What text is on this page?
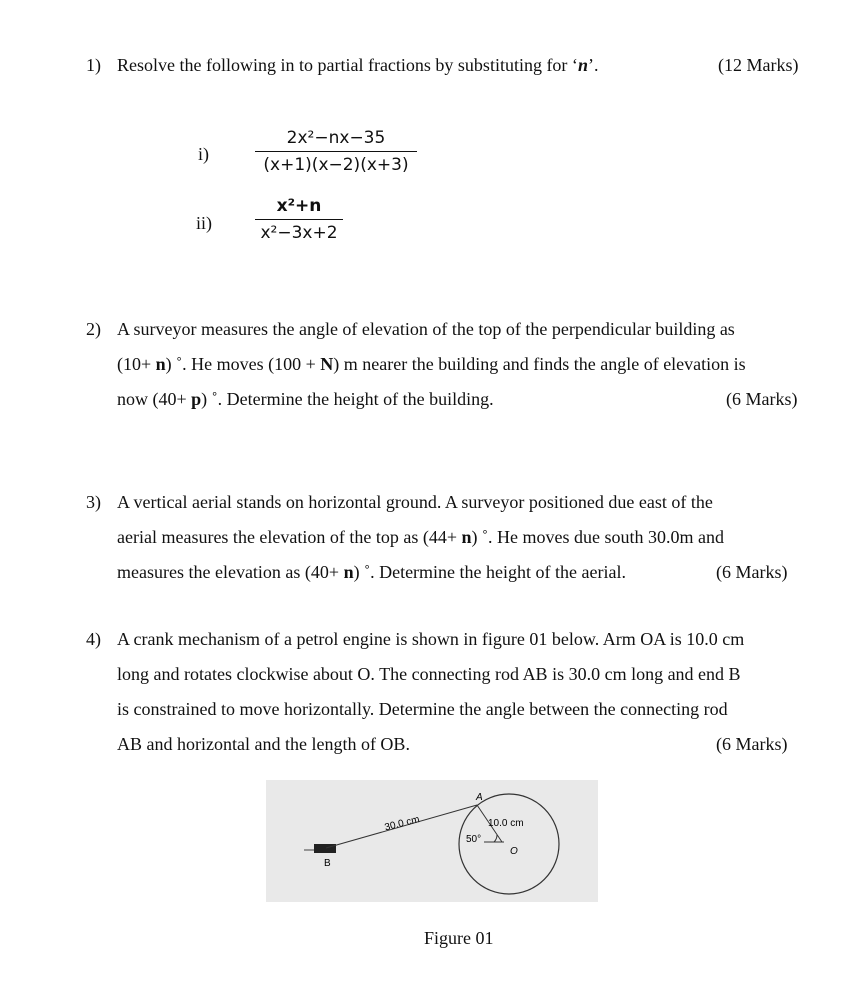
1) Resolve the following in to partial fractions by substituting for ‘n’.	(12 Marks)
i)
2x²−nx−35
(x+1)(x−2)(x+3)
ii)
x²+n
x²−3x+2
2) A surveyor measures the angle of elevation of the top of the perpendicular building as
(10+ n) ˚. He moves (100 + N) m nearer the building and finds the angle of elevation is
now (40+ p) ˚. Determine the height of the building.	(6 Marks)
3) A vertical aerial stands on horizontal ground. A surveyor positioned due east of the
aerial measures the elevation of the top as (44+ n) ˚. He moves due south 30.0m and
measures the elevation as (40+ n) ˚. Determine the height of the aerial.	(6 Marks)
4) A crank mechanism of a petrol engine is shown in figure 01 below. Arm OA is 10.0 cm
long and rotates clockwise about O. The connecting rod AB is 30.0 cm long and end B
is constrained to move horizontally. Determine the angle between the connecting rod
AB and horizontal and the length of OB.	(6 Marks)
30.0 cm
A
10.0 cm
50°
O
B
Figure 01
